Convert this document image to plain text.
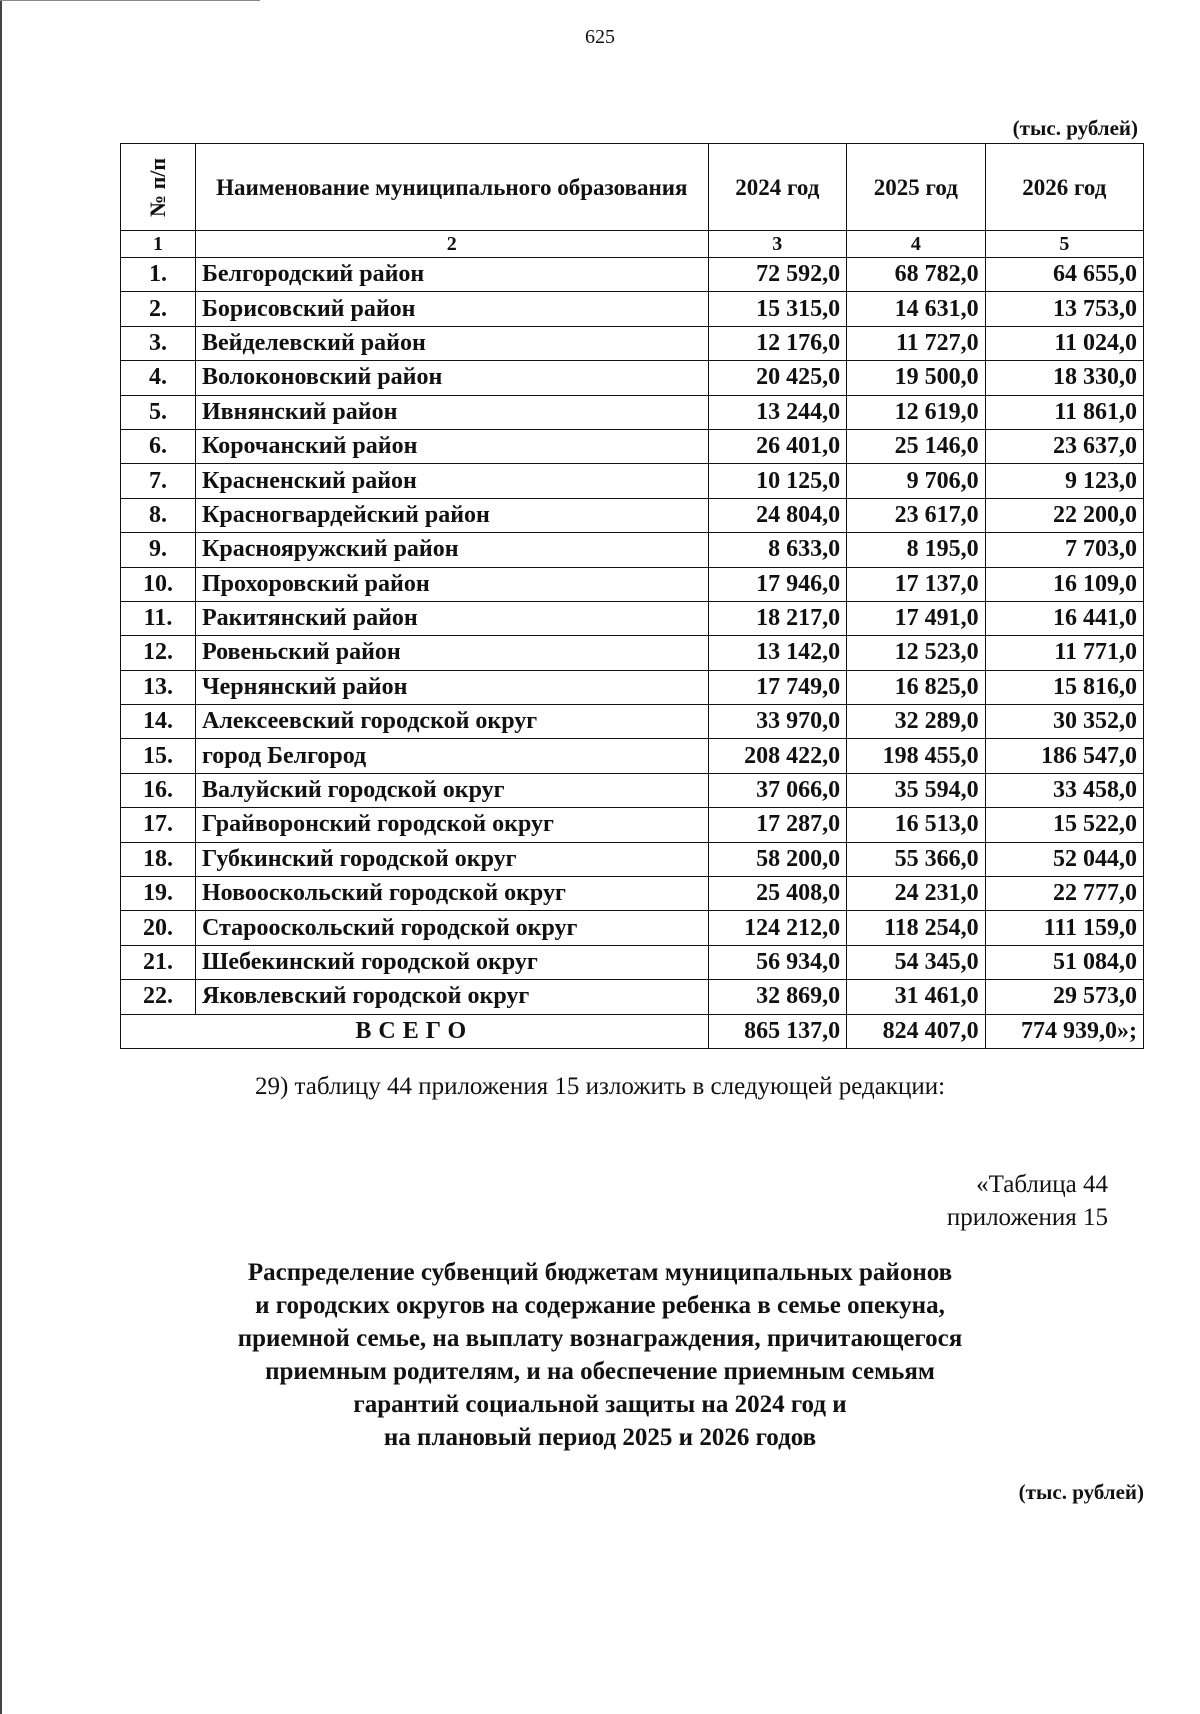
625
(тыс. рублей)
№ п/п	Наименование муниципального образования	2024 год	2025 год	2026 год
1	2	3	4	5
1.	Белгородский район	72 592,0	68 782,0	64 655,0
2.	Борисовский район	15 315,0	14 631,0	13 753,0
3.	Вейделевский район	12 176,0	11 727,0	11 024,0
4.	Волоконовский район	20 425,0	19 500,0	18 330,0
5.	Ивнянский район	13 244,0	12 619,0	11 861,0
6.	Корочанский район	26 401,0	25 146,0	23 637,0
7.	Красненский район	10 125,0	9 706,0	9 123,0
8.	Красногвардейский район	24 804,0	23 617,0	22 200,0
9.	Краснояружский район	8 633,0	8 195,0	7 703,0
10.	Прохоровский район	17 946,0	17 137,0	16 109,0
11.	Ракитянский район	18 217,0	17 491,0	16 441,0
12.	Ровеньский район	13 142,0	12 523,0	11 771,0
13.	Чернянский район	17 749,0	16 825,0	15 816,0
14.	Алексеевский городской округ	33 970,0	32 289,0	30 352,0
15.	город Белгород	208 422,0	198 455,0	186 547,0
16.	Валуйский городской округ	37 066,0	35 594,0	33 458,0
17.	Грайворонский городской округ	17 287,0	16 513,0	15 522,0
18.	Губкинский городской округ	58 200,0	55 366,0	52 044,0
19.	Новооскольский городской округ	25 408,0	24 231,0	22 777,0
20.	Старооскольский городской округ	124 212,0	118 254,0	111 159,0
21.	Шебекинский городской округ	56 934,0	54 345,0	51 084,0
22.	Яковлевский городской округ	32 869,0	31 461,0	29 573,0
ВСЕГО		865 137,0	824 407,0	774 939,0»;
29) таблицу 44 приложения 15 изложить в следующей редакции:
«Таблица 44
приложения 15
Распределение субвенций бюджетам муниципальных районов
и городских округов на содержание ребенка в семье опекуна,
приемной семье, на выплату вознаграждения, причитающегося
приемным родителям, и на обеспечение приемным семьям
гарантий социальной защиты на 2024 год и
на плановый период 2025 и 2026 годов
(тыс. рублей)
